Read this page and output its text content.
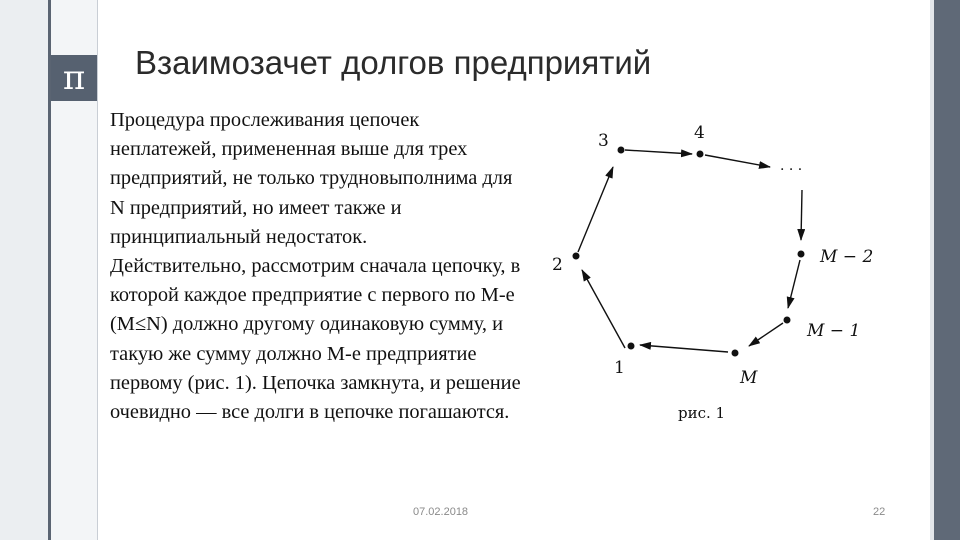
π Взаимозачет долгов предприятий

Процедура прослеживания цепочек неплатежей, примененная выше для трех предприятий, не только трудновыполнима для N предприятий, но имеет также и принципиальный недостаток.

Действительно, рассмотрим сначала цепочку, в которой каждое предприятие с первого по М-е (М≤N) должно другому одинаковую сумму, и такую же сумму должно М-е предприятие первому (рис. 1). Цепочка замкнута, и решение очевидно — все долги в цепочке погашаются.

1
2
3	4
· · ·
M − 2
M − 1
M
рис. 1
07.02.2018	22
